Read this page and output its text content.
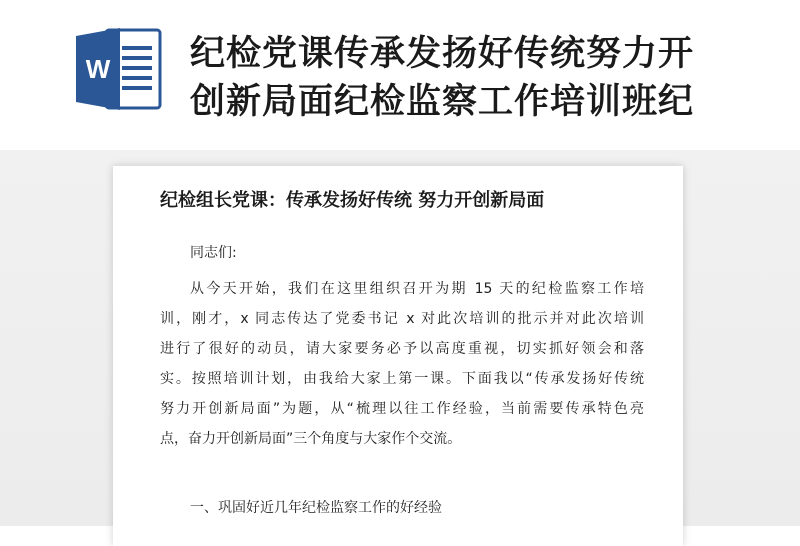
W 纪检党课传承发扬好传统努力开
创新局面纪检监察工作培训班纪
纪检组长党课：传承发扬好传统 努力开创新局面
同志们:
从今天开始，我们在这里组织召开为期 15 天的纪检监察工作培
训，刚才，x 同志传达了党委书记 x 对此次培训的批示并对此次培训
进行了很好的动员，请大家要务必予以高度重视，切实抓好领会和落
实。按照培训计划，由我给大家上第一课。下面我以“传承发扬好传统
努力开创新局面”为题，从“梳理以往工作经验，当前需要传承特色亮
点，奋力开创新局面”三个角度与大家作个交流。
一、巩固好近几年纪检监察工作的好经验
